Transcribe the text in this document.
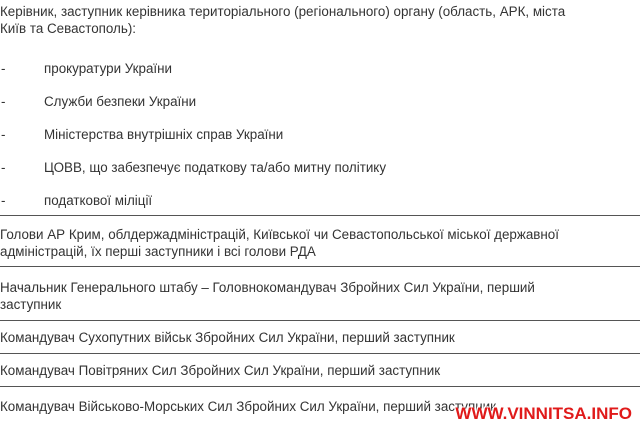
Керівник, заступник керівника територіального (регіонального) органу (область, АРК, міста

Київ та Севастополь):

-	прокуратури України

-	Служби безпеки України

-	Міністерства внутрішніх справ України

-	ЦОВВ, що забезпечує податкову та/або митну політику

-	податкової міліції

Голови АР Крим, облдержадміністрацій, Київської чи Севастопольської міської державної

адміністрацій, їх перші заступники і всі голови РДА

Начальник Генерального штабу – Головнокомандувач Збройних Сил України, перший

заступник

Командувач Сухопутних військ Збройних Сил України, перший заступник

Командувач Повітряних Сил Збройних Сил України, перший заступник

Командувач Військово-Морських Сил Збройних Сил України, перший заступник

WWW.VINNITSA.INFO
